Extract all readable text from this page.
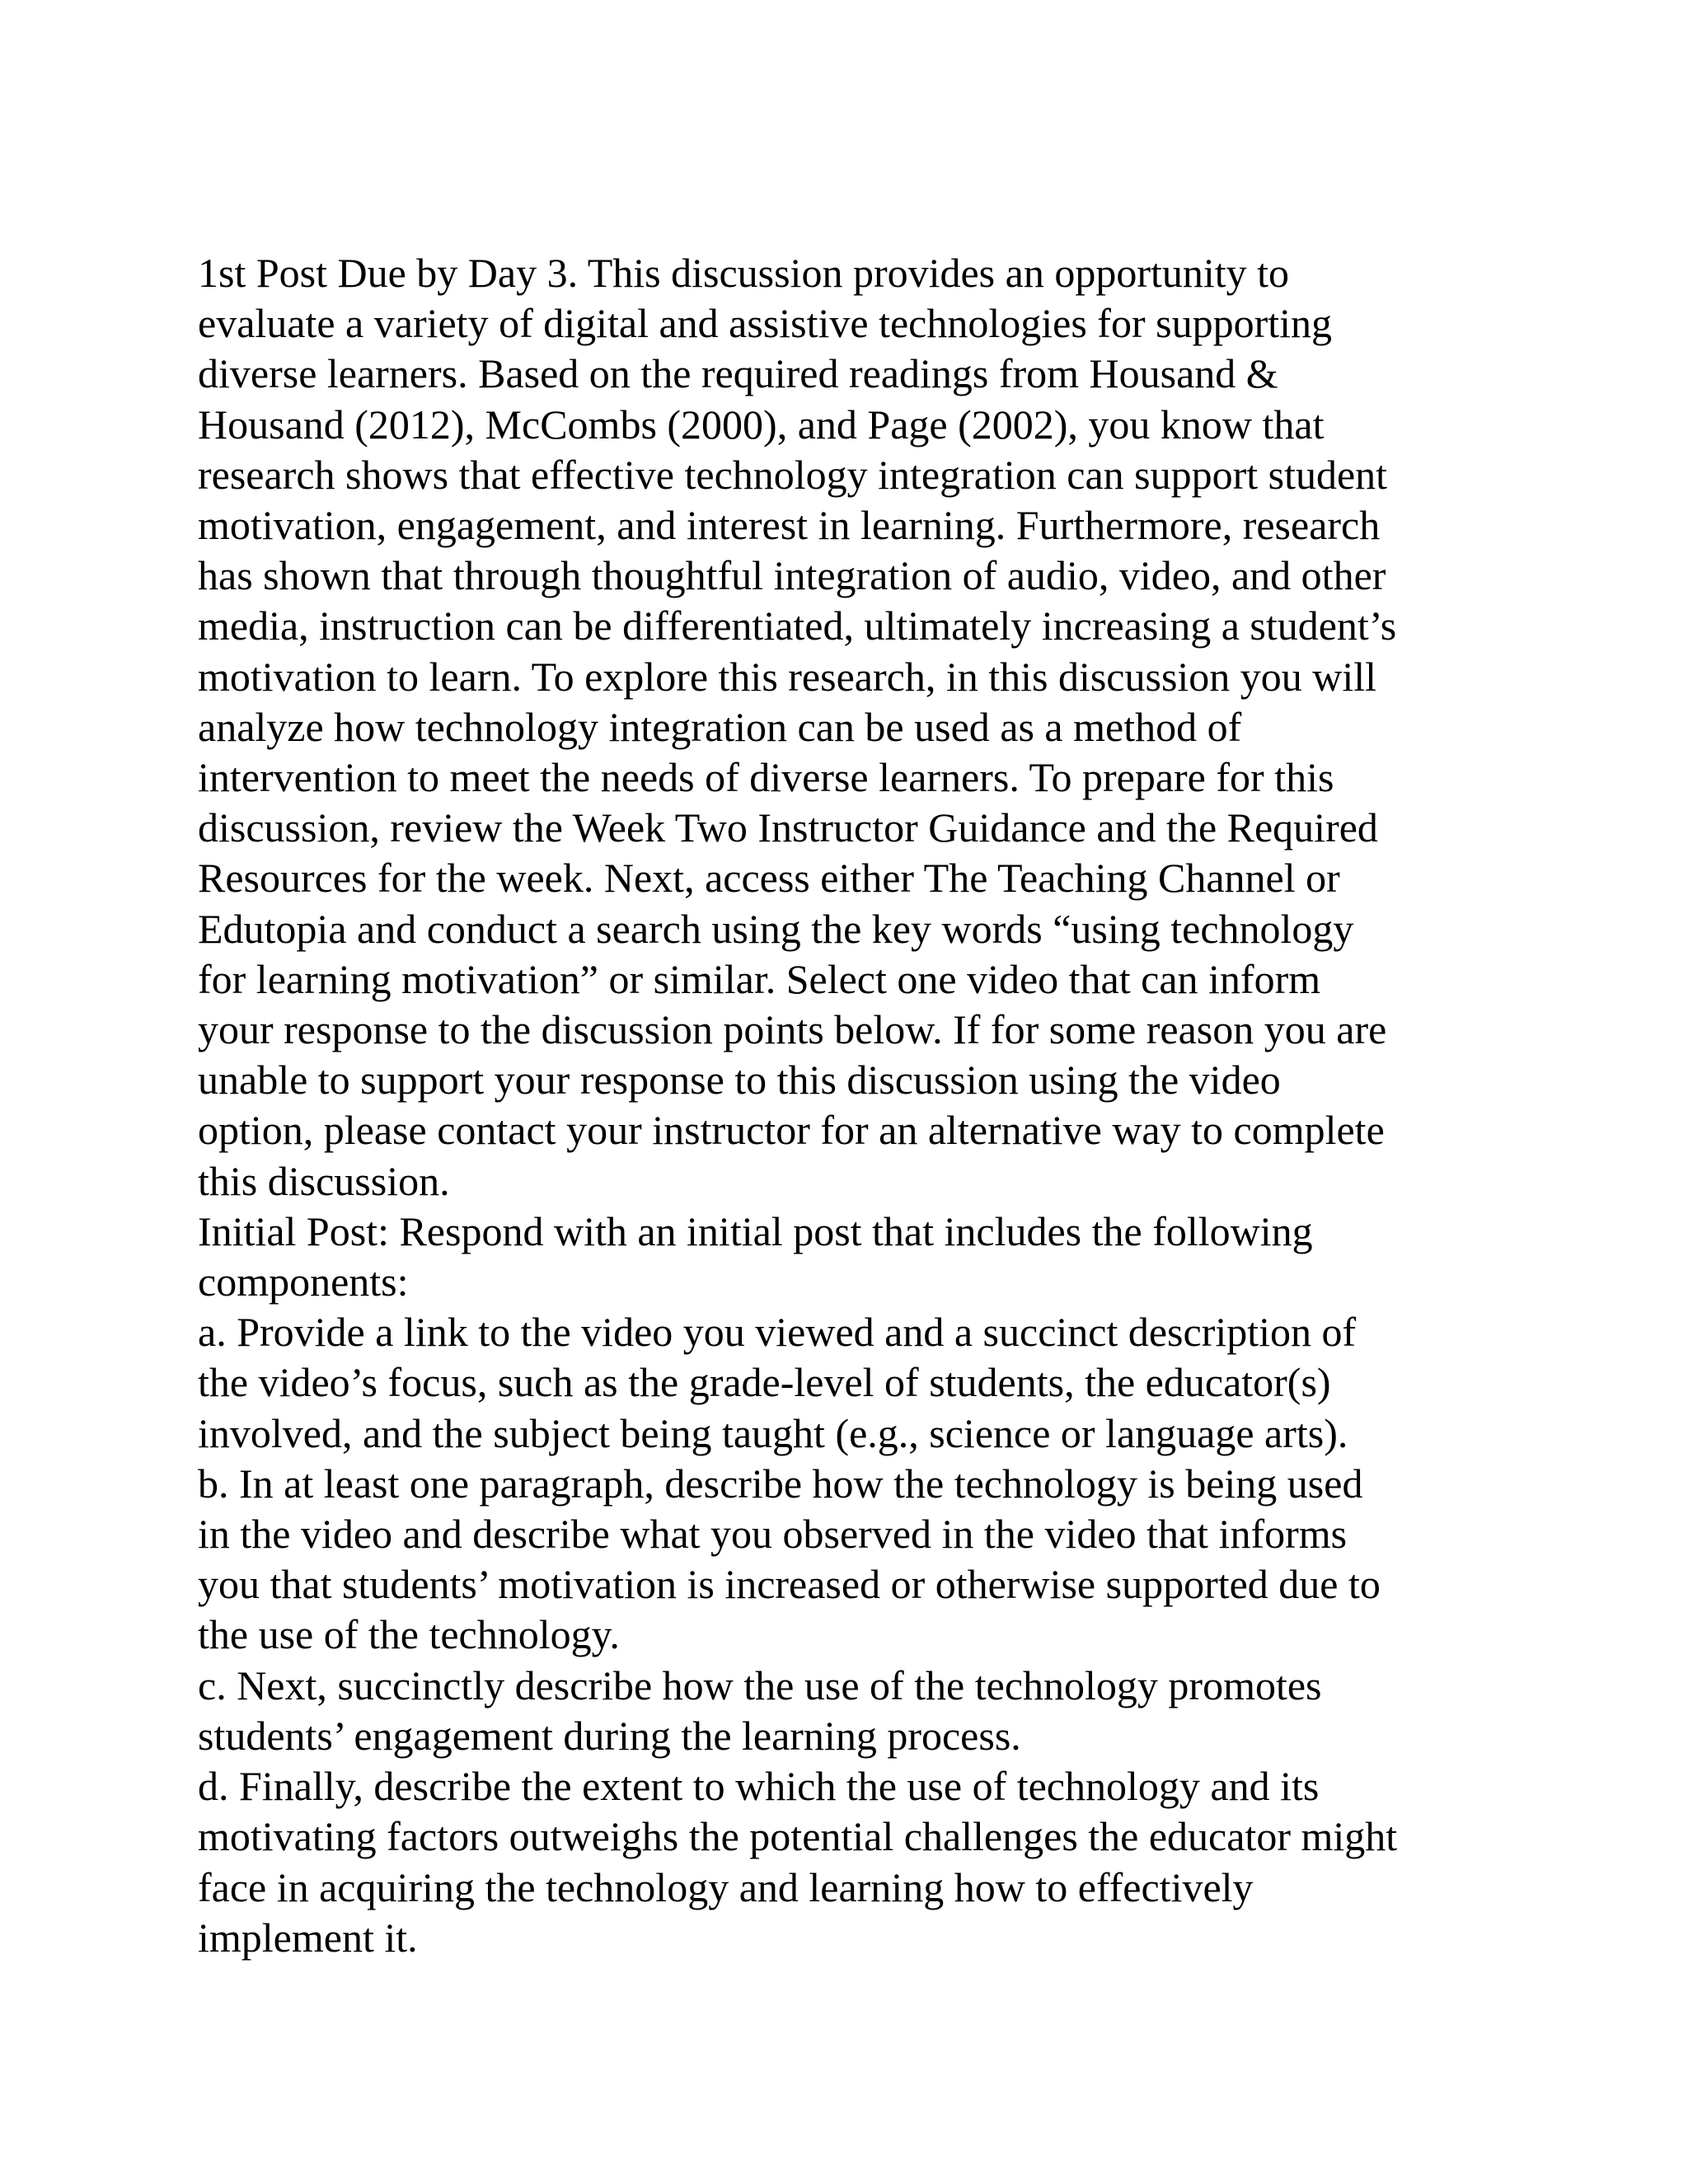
1st Post Due by Day 3. This discussion provides an opportunity to
evaluate a variety of digital and assistive technologies for supporting
diverse learners. Based on the required readings from Housand &
Housand (2012), McCombs (2000), and Page (2002), you know that
research shows that effective technology integration can support student
motivation, engagement, and interest in learning. Furthermore, research
has shown that through thoughtful integration of audio, video, and other
media, instruction can be differentiated, ultimately increasing a student’s
motivation to learn. To explore this research, in this discussion you will
analyze how technology integration can be used as a method of
intervention to meet the needs of diverse learners. To prepare for this
discussion, review the Week Two Instructor Guidance and the Required
Resources for the week. Next, access either The Teaching Channel or
Edutopia and conduct a search using the key words “using technology
for learning motivation” or similar. Select one video that can inform
your response to the discussion points below. If for some reason you are
unable to support your response to this discussion using the video
option, please contact your instructor for an alternative way to complete
this discussion.
Initial Post: Respond with an initial post that includes the following
components:
a. Provide a link to the video you viewed and a succinct description of
the video’s focus, such as the grade-level of students, the educator(s)
involved, and the subject being taught (e.g., science or language arts).
b. In at least one paragraph, describe how the technology is being used
in the video and describe what you observed in the video that informs
you that students’ motivation is increased or otherwise supported due to
the use of the technology.
c. Next, succinctly describe how the use of the technology promotes
students’ engagement during the learning process.
d. Finally, describe the extent to which the use of technology and its
motivating factors outweighs the potential challenges the educator might
face in acquiring the technology and learning how to effectively
implement it.
